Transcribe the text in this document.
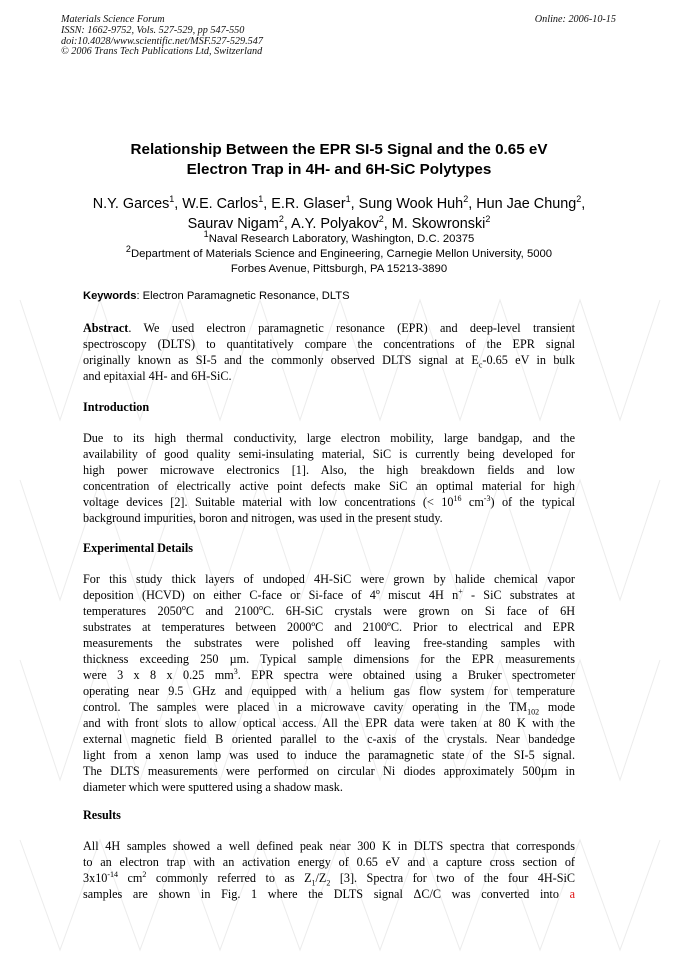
Materials Science Forum
ISSN: 1662-9752, Vols. 527-529, pp 547-550
doi:10.4028/www.scientific.net/MSF.527-529.547
© 2006 Trans Tech Publications Ltd, Switzerland
Online: 2006-10-15
Relationship Between the EPR SI-5 Signal and the 0.65 eV
Electron Trap in 4H- and 6H-SiC Polytypes
N.Y. Garces$^1$, W.E. Carlos$^1$, E.R. Glaser$^1$, Sung Wook Huh$^2$, Hun Jae Chung$^2$, Saurav Nigam$^2$, A.Y. Polyakov$^2$, M. Skowronski$^2$
$^1$Naval Research Laboratory, Washington, D.C. 20375
$^2$Department of Materials Science and Engineering, Carnegie Mellon University, 5000
Forbes Avenue, Pittsburgh, PA 15213-3890
Keywords: Electron Paramagnetic Resonance, DLTS
Abstract. We used electron paramagnetic resonance (EPR) and deep-level transient
spectroscopy (DLTS) to quantitatively compare the concentrations of the EPR signal
originally known as SI-5 and the commonly observed DLTS signal at $E_c-0.65$ eV in bulk
and epitaxial 4H- and 6H-SiC.
Introduction
Due to its high thermal conductivity, large electron mobility, large bandgap, and the
availability of good quality semi-insulating material, SiC is currently being developed for
high power microwave electronics [1]. Also, the high breakdown fields and low
concentration of electrically active point defects make SiC an optimal material for high
voltage devices [2]. Suitable material with low concentrations (< $10^{16}$ $cm^{-3}$) of the typical
background impurities, boron and nitrogen, was used in the present study.
Experimental Details
For this study thick layers of undoped 4H-SiC were grown by halide chemical vapor
deposition (HCVD) on either C-face or Si-face of 4$^o$ miscut 4H n+ - SiC substrates at
temperatures 2050$^o$C and 2100$^o$C. 6H-SiC crystals were grown on Si face of 6H
substrates at temperatures between 2000ºC and 2100ºC. Prior to electrical and EPR
measurements the substrates were polished off leaving free-standing samples with
thickness exceeding 250 µm. Typical sample dimensions for the EPR measurements
were 3 x 8 x 0.25 $mm^3$. EPR spectra were obtained using a Bruker spectrometer
operating near 9.5 GHz and equipped with a helium gas flow system for temperature
control. The samples were placed in a microwave cavity operating in the $TM_{102}$ mode
and with front slots to allow optical access. All the EPR data were taken at 80 K with the
external magnetic field B oriented parallel to the c-axis of the crystals. Near bandedge
light from a xenon lamp was used to induce the paramagnetic state of the SI-5 signal.
The DLTS measurements were performed on circular Ni diodes approximately 500µm in
diameter which were sputtered using a shadow mask.
Results
All 4H samples showed a well defined peak near 300 K in DLTS spectra that corresponds
to an electron trap with an activation energy of 0.65 eV and a capture cross section of
$3x10^{-14}$ $cm^2$ commonly referred to as $Z_1/Z_2$ [3]. Spectra for two of the four 4H-SiC
samples are shown in Fig. 1 where the DLTS signal ΔC/C was converted into a
